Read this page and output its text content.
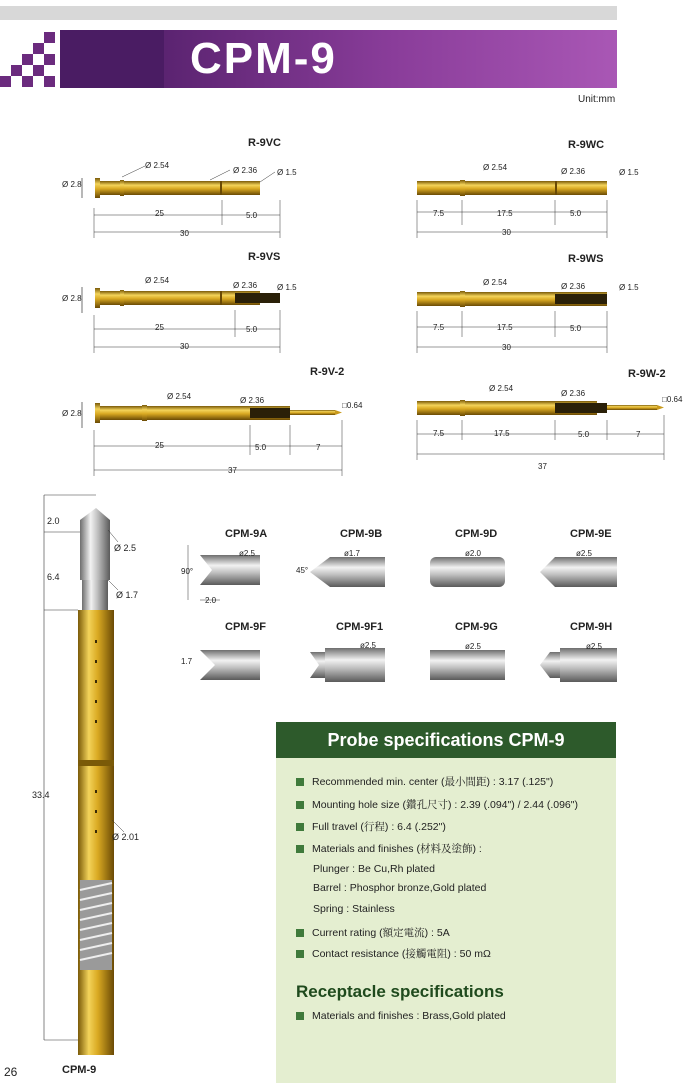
CPM-9
Unit:mm
R-9VC
Ø 2.8
Ø 2.54
Ø 2.36 Ø 1.5
25	5.0
30
R-9WC
Ø 2.54	Ø 2.36	Ø 1.5
7.5	17.5	5.0
30
R-9VS
Ø 2.8
Ø 2.54
Ø 2.36 Ø 1.5
25	5.0
30
R-9WS
Ø 2.54	Ø 2.36	Ø 1.5
7.5	17.5	5.0
30
R-9V-2
Ø 2.8
Ø 2.54	Ø 2.36
□0.64
25	5.0	7
37
R-9W-2
Ø 2.54
Ø 2.36
□0.64
7.5	17.5	5.0	7
37
2.0
Ø 2.5
6.4
Ø 1.7
33.4
Ø 2.01
CPM-9
26
CPM-9A	CPM-9B	CPM-9D	CPM-9E
CPM-9F	CPM-9F1	CPM-9G	CPM-9H
ø2.5
90°
2.0
ø1.7
45°
ø2.0	ø2.5
1.7
ø2.5	ø2.5	ø2.5
Probe specifications CPM-9
Recommended min. center (最小間距) : 3.17 (.125")
Mounting hole size (鑽孔尺寸) : 2.39 (.094") / 2.44 (.096")
Full travel (行程) : 6.4 (.252")
Materials and finishes (材料及塗飾) :
Plunger : Be Cu,Rh plated
Barrel : Phosphor bronze,Gold plated
Spring : Stainless
Current rating (額定電流) : 5A
Contact resistance (接觸電阻) : 50 mΩ
Receptacle specifications
Materials and finishes : Brass,Gold plated
